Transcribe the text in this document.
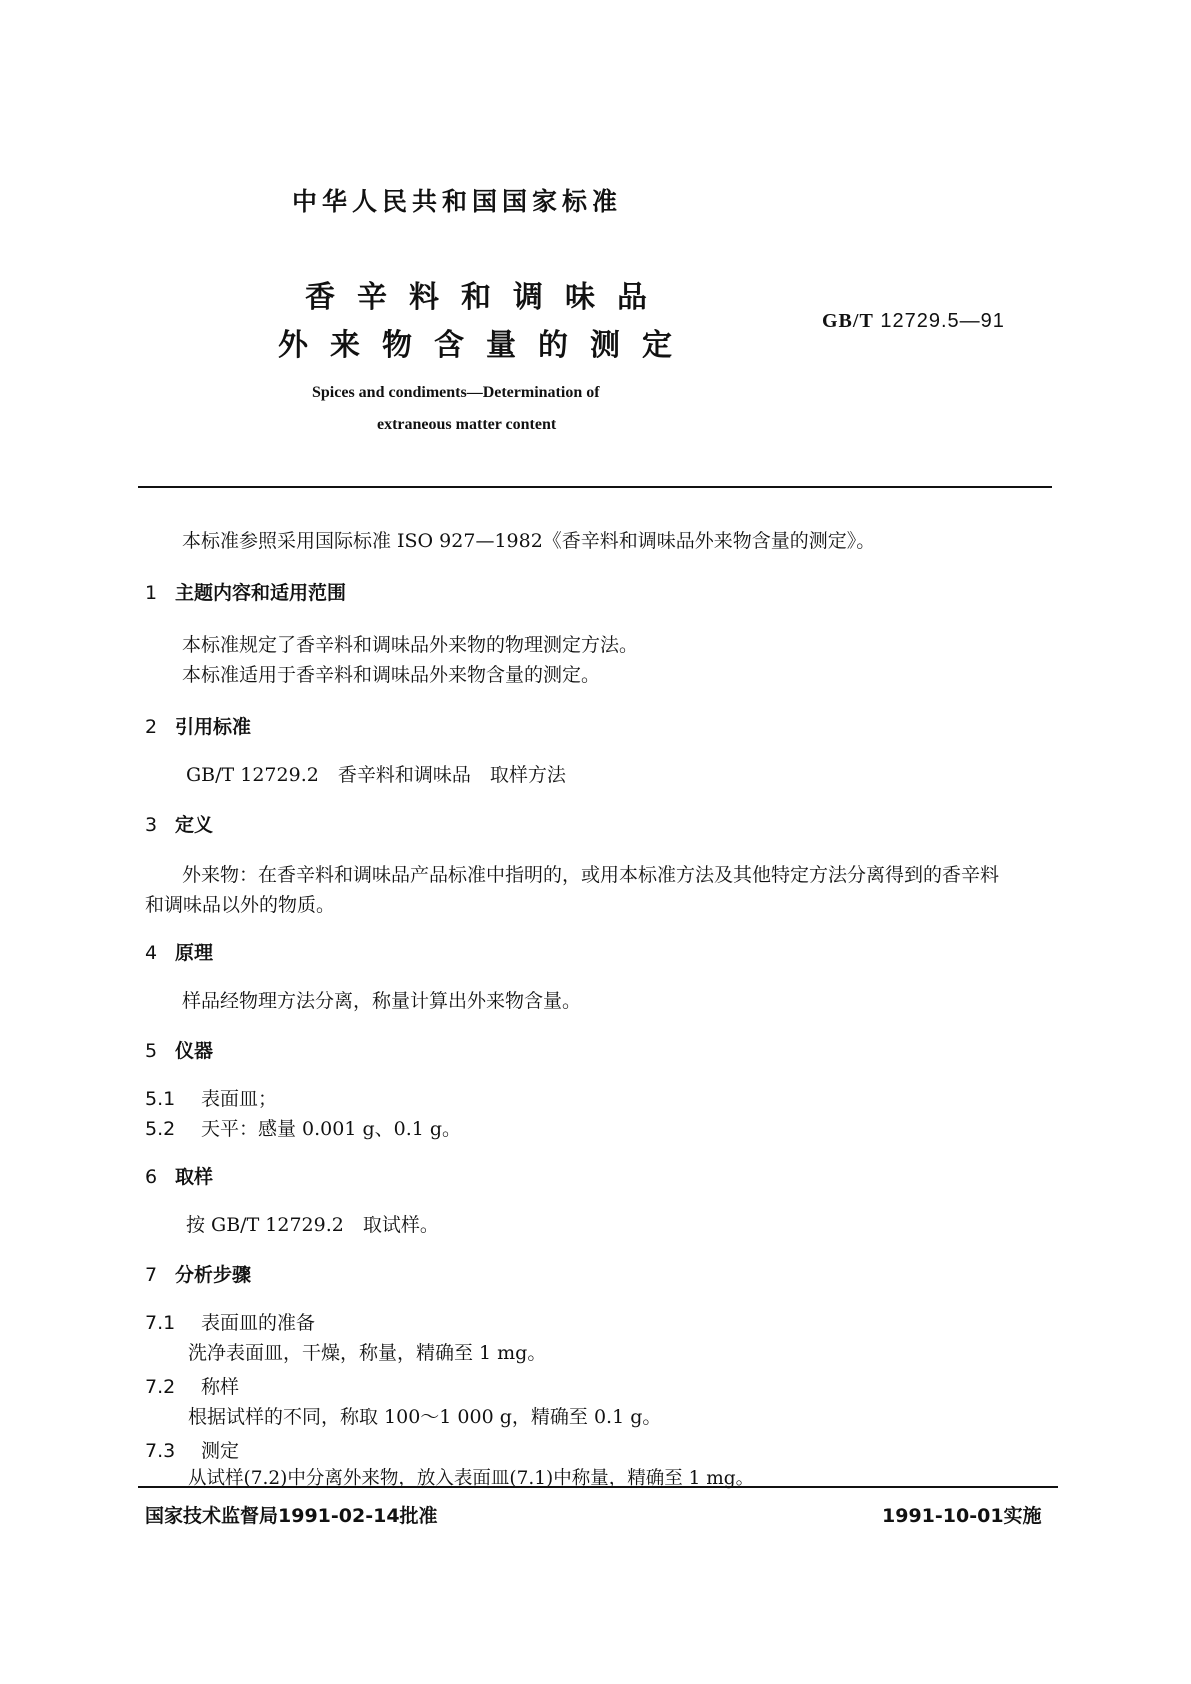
中华人民共和国国家标准
香辛料和调味品
外来物含量的测定
GB/T 12729.5—91
Spices and condiments—Determination of
extraneous matter content
本标准参照采用国际标准 ISO 927—1982《香辛料和调味品外来物含量的测定》。
1 主题内容和适用范围
本标准规定了香辛料和调味品外来物的物理测定方法。
本标准适用于香辛料和调味品外来物含量的测定。
2 引用标准
GB/T 12729.2　香辛料和调味品　取样方法
3 定义
外来物：在香辛料和调味品产品标准中指明的，或用本标准方法及其他特定方法分离得到的香辛料
和调味品以外的物质。
4 原理
样品经物理方法分离，称量计算出外来物含量。
5 仪器
5.1 表面皿；
5.2 天平：感量 0.001 g、0.1 g。
6 取样
按 GB/T 12729.2　取试样。
7 分析步骤
7.1 表面皿的准备
洗净表面皿，干燥，称量，精确至 1 mg。
7.2 称样
根据试样的不同，称取 100～1 000 g，精确至 0.1 g。
7.3 测定
从试样(7.2)中分离外来物，放入表面皿(7.1)中称量，精确至 1 mg。
国家技术监督局1991-02-14批准	1991-10-01实施
